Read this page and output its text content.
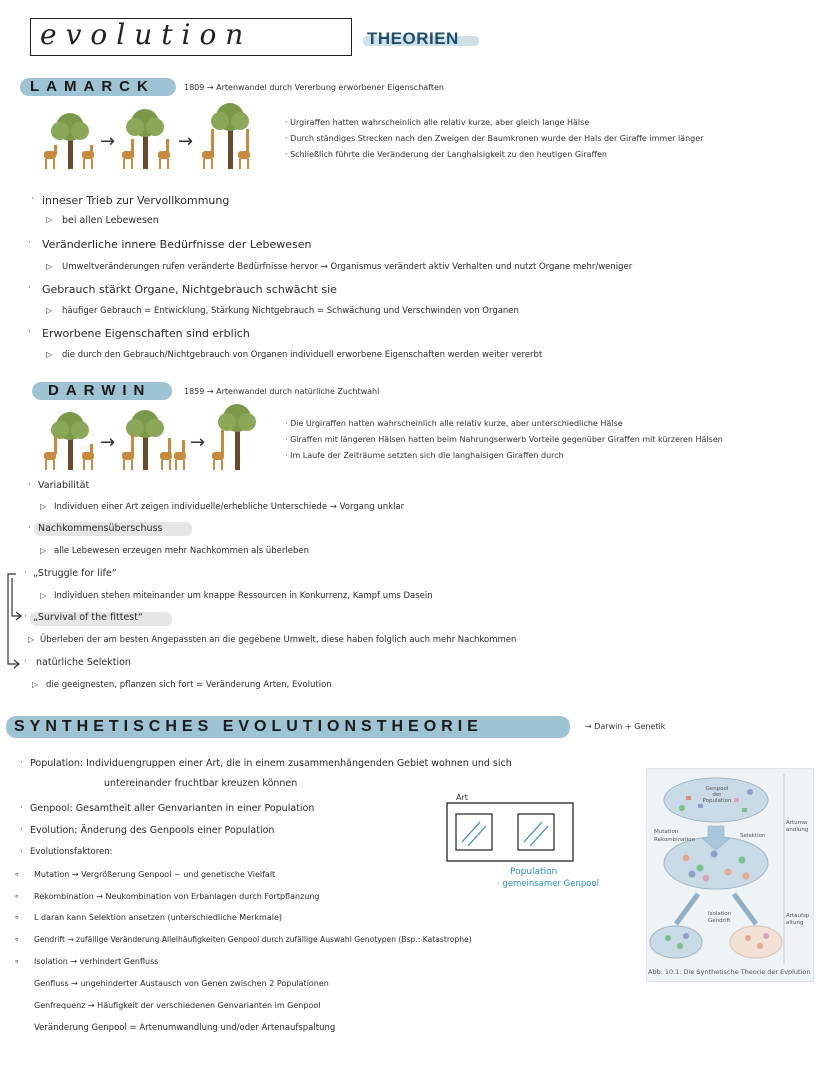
evolution	THEORIEN
LAMARCK	1809 → Artenwandel durch Vererbung erworbener Eigenschaften
→	→
· Urgiraffen hatten wahrscheinlich alle relativ kurze, aber gleich lange Hälse
· Durch ständiges Strecken nach den Zweigen der Baumkronen wurde der Hals der Giraffe immer länger
· Schließlich führte die Veränderung der Langhalsigkeit zu den heutigen Giraffen
· inneser Trieb zur Vervollkommung
▷ bei allen Lebewesen
· Veränderliche innere Bedürfnisse der Lebewesen
▷ Umweltveränderungen rufen veränderte Bedürfnisse hervor → Organismus verändert aktiv Verhalten und nutzt Organe mehr/weniger
· Gebrauch stärkt Organe, Nichtgebrauch schwächt sie
▷ häufiger Gebrauch = Entwicklung, Stärkung Nichtgebrauch = Schwächung und Verschwinden von Organen
· Erworbene Eigenschaften sind erblich
▷ die durch den Gebrauch/Nichtgebrauch von Organen individuell erworbene Eigenschaften werden weiter vererbt
DARWIN	1859 → Artenwandel durch natürliche Zuchtwahl
→	→
· Die Urgiraffen hatten wahrscheinlich alle relativ kurze, aber unterschiedliche Hälse
· Giraffen mit längeren Hälsen hatten beim Nahrungserwerb Vorteile gegenüber Giraffen mit kürzeren Hälsen
· Im Laufe der Zeiträume setzten sich die langhalsigen Giraffen durch
· Variabilität
▷ Individuen einer Art zeigen individuelle/erhebliche Unterschiede → Vorgang unklar
· Nachkommensüberschuss
▷ alle Lebewesen erzeugen mehr Nachkommen als überleben
· „Struggle for life“
▷ Individuen stehen miteinander um knappe Ressourcen in Konkurrenz, Kampf ums Dasein
· „Survival of the fittest“
▷ Überleben der am besten Angepassten an die gegebene Umwelt, diese haben folglich auch mehr Nachkommen
· natürliche Selektion
▷ die geeignesten, pflanzen sich fort = Veränderung Arten, Evolution
SYNTHETISCHES EVOLUTIONSTHEORIE	→ Darwin + Genetik
· Population: Individuengruppen einer Art, die in einem zusammenhängenden Gebiet wohnen und sich
untereinander fruchtbar kreuzen können
· Genpool: Gesamtheit aller Genvarianten in einer Population
· Evolution: Änderung des Genpools einer Population
· Evolutionsfaktoren:
∘ Mutation → Vergrößerung Genpool ~ und genetische Vielfalt
∘ Rekombination → Neukombination von Erbanlagen durch Fortpflanzung
∘ L daran kann Selektion ansetzen (unterschiedliche Merkmale)
∘ Gendrift → zufällige Veränderung Allelhäufigkeiten Genpool durch zufällige Auswahl Genotypen (Bsp.: Katastrophe)
∘ Isolation → verhindert Genfluss
Genfluss → ungehinderter Austausch von Genen zwischen 2 Populationen
Genfrequenz → Häufigkeit der verschiedenen Genvarianten im Genpool
Veränderung Genpool = Artenumwandlung und/oder Artenaufspaltung
Art
Population
· gemeinsamer Genpool
Genpool der Population
Mutation
Rekombination
Selektion
Isolation
Gendrift
Artumwandlung
Artaufspaltung
Abb. 10.1: Die Synthetische Theorie der Evolution
